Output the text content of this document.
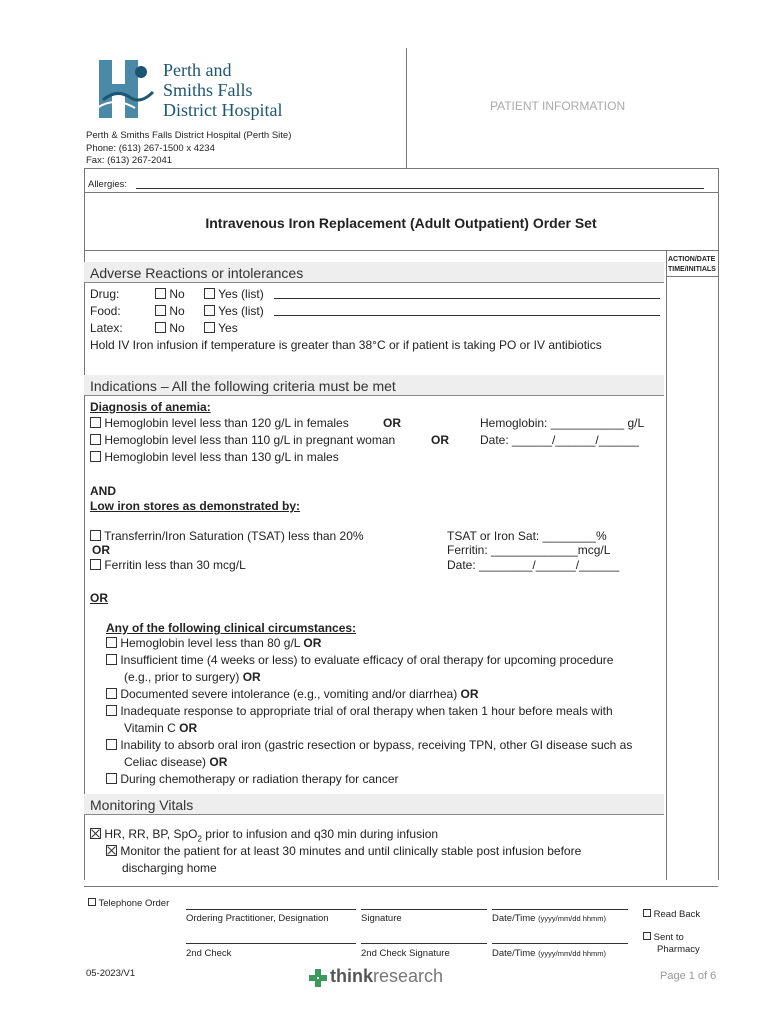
Perth and
Smiths Falls
District Hospital	PATIENT INFORMATION
Perth & Smiths Falls District Hospital (Perth Site)
Phone: (613) 267-1500 x 4234
Fax: (613) 267-2041
Allergies:
Intravenous Iron Replacement (Adult Outpatient) Order Set
ACTION/DATE TIME/INITIALS
Adverse Reactions or intolerances
Drug:	No	Yes (list)
Food:	No	Yes (list)
Latex:	No	Yes
Hold IV Iron infusion if temperature is greater than 38°C or if patient is taking PO or IV antibiotics
Indications – All the following criteria must be met
Diagnosis of anemia:
Hemoglobin level less than 120 g/L in females	OR
Hemoglobin level less than 110 g/L in pregnant woman	OR
Hemoglobin level less than 130 g/L in males
Hemoglobin: ___________ g/L
Date: ______/______/______
AND
Low iron stores as demonstrated by:
Transferrin/Iron Saturation (TSAT) less than 20%
OR
Ferritin less than 30 mcg/L
TSAT or Iron Sat: ________%
Ferritin: _____________mcg/L
Date: ________/______/______
OR
Any of the following clinical circumstances:
Hemoglobin level less than 80 g/L OR
Insufficient time (4 weeks or less) to evaluate efficacy of oral therapy for upcoming procedure
(e.g., prior to surgery) OR
Documented severe intolerance (e.g., vomiting and/or diarrhea) OR
Inadequate response to appropriate trial of oral therapy when taken 1 hour before meals with
Vitamin C OR
Inability to absorb oral iron (gastric resection or bypass, receiving TPN, other GI disease such as
Celiac disease) OR
During chemotherapy or radiation therapy for cancer
Monitoring Vitals
HR, RR, BP, SpO$_2$ prior to infusion and q30 min during infusion
Monitor the patient for at least 30 minutes and until clinically stable post infusion before
discharging home
Telephone Order
Ordering Practitioner, Designation	Signature	Date/Time (yyyy/mm/dd hhmm)	Read Back
2nd Check	2nd Check Signature	Date/Time (yyyy/mm/dd hhmm)
Sent to
Pharmacy
05-2023/V1	thinkresearch	Page 1 of 6
